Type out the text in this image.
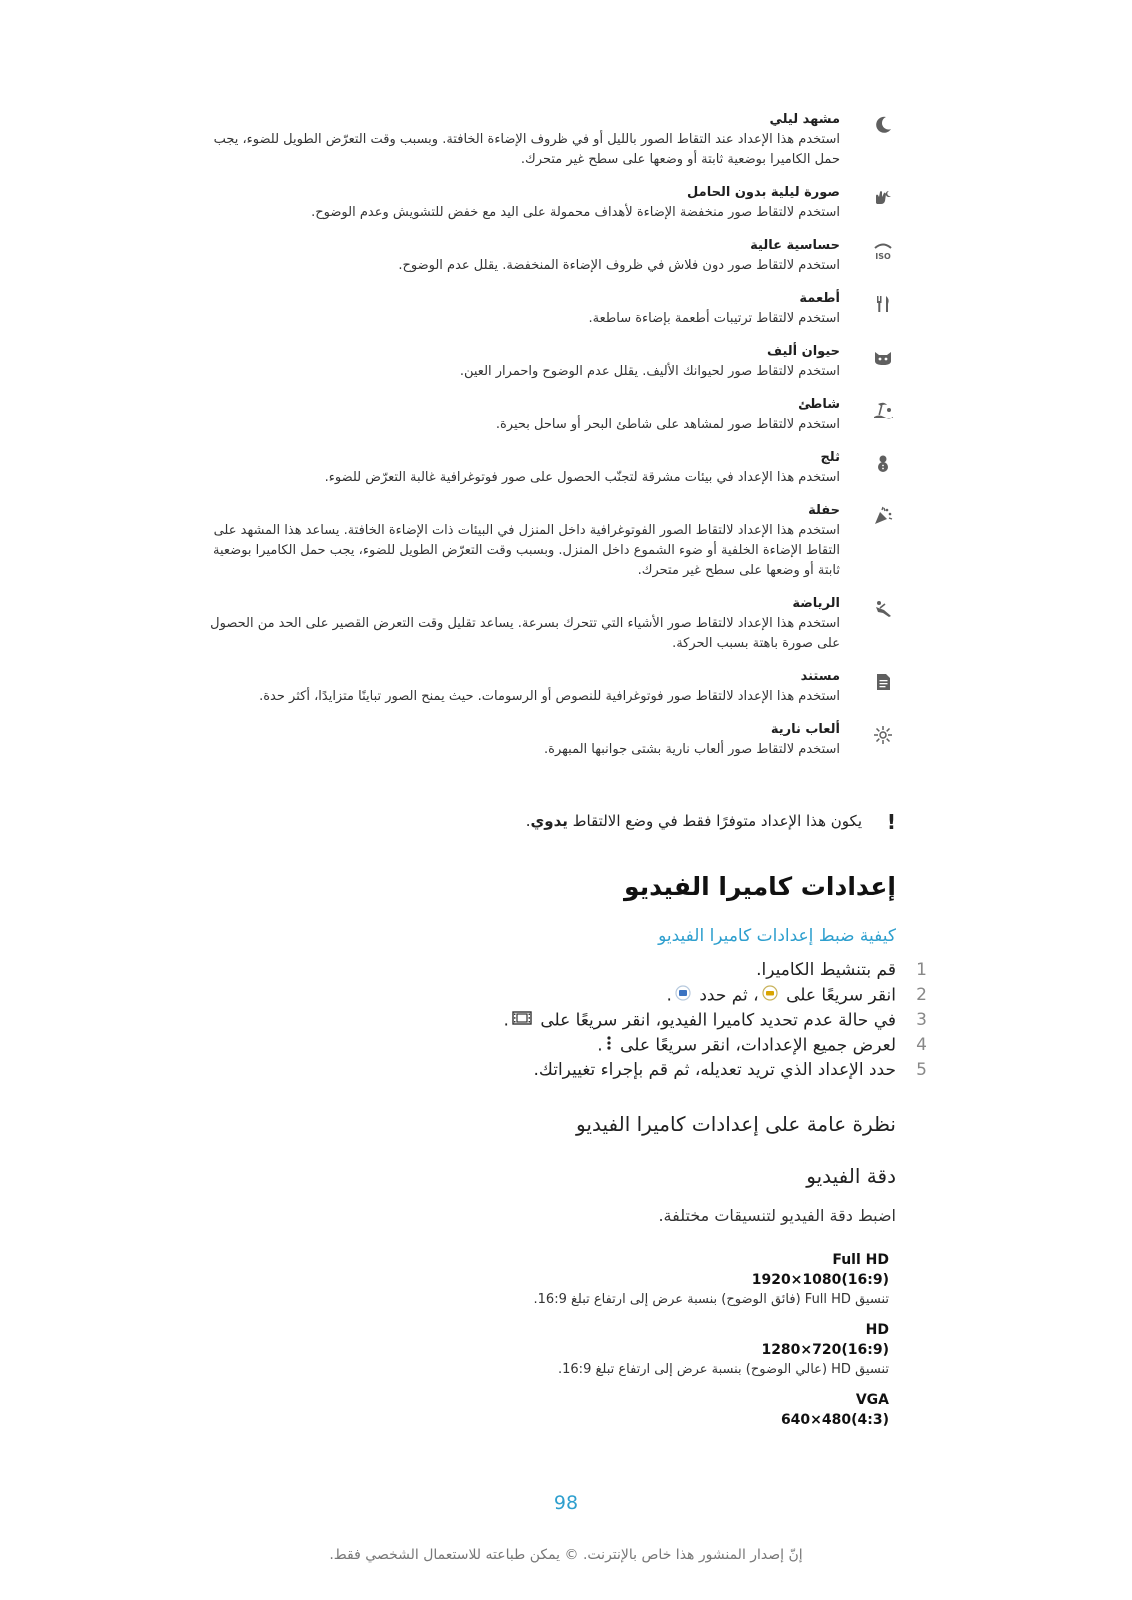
مشهد ليلي
استخدم هذا الإعداد عند التقاط الصور بالليل أو في ظروف الإضاءة الخافتة. وبسبب وقت التعرّض الطويل للضوء، يجب حمل الكاميرا بوضعية ثابتة أو وضعها على سطح غير متحرك.
صورة ليلية بدون الحامل
استخدم لالتقاط صور منخفضة الإضاءة لأهداف محمولة على اليد مع خفض للتشويش وعدم الوضوح.
ISO
حساسية عالية
استخدم لالتقاط صور دون فلاش في ظروف الإضاءة المنخفضة. يقلل عدم الوضوح.
أطعمة
استخدم لالتقاط ترتيبات أطعمة بإضاءة ساطعة.
حيوان أليف
استخدم لالتقاط صور لحيوانك الأليف. يقلل عدم الوضوح واحمرار العين.
شاطئ
استخدم لالتقاط صور لمشاهد على شاطئ البحر أو ساحل بحيرة.
ثلج
استخدم هذا الإعداد في بيئات مشرقة لتجنّب الحصول على صور فوتوغرافية غالبة التعرّض للضوء.
حفلة
استخدم هذا الإعداد لالتقاط الصور الفوتوغرافية داخل المنزل في البيئات ذات الإضاءة الخافتة. يساعد هذا المشهد على التقاط الإضاءة الخلفية أو ضوء الشموع داخل المنزل. وبسبب وقت التعرّض الطويل للضوء، يجب حمل الكاميرا بوضعية ثابتة أو وضعها على سطح غير متحرك.
الرياضة
استخدم هذا الإعداد لالتقاط صور الأشياء التي تتحرك بسرعة. يساعد تقليل وقت التعرض القصير على الحد من الحصول على صورة باهتة بسبب الحركة.
مستند
استخدم هذا الإعداد لالتقاط صور فوتوغرافية للنصوص أو الرسومات. حيث يمنح الصور تباينًا متزايدًا، أكثر حدة.
ألعاب نارية
استخدم لالتقاط صور ألعاب نارية بشتى جوانبها المبهرة.
!
يكون هذا الإعداد متوفرًا فقط في وضع الالتقاط يدوي.
إعدادات كاميرا الفيديو
كيفية ضبط إعدادات كاميرا الفيديو
1
قم بتنشيط الكاميرا.
2
انقر سريعًا على ، ثم حدد .
3
في حالة عدم تحديد كاميرا الفيديو، انقر سريعًا على .
4
لعرض جميع الإعدادات، انقر سريعًا على .
5
حدد الإعداد الذي تريد تعديله، ثم قم بإجراء تغييراتك.
نظرة عامة على إعدادات كاميرا الفيديو
دقة الفيديو
اضبط دقة الفيديو لتنسيقات مختلفة.
Full HD
1920×1080(16:9)
تنسيق Full HD (فائق الوضوح) بنسبة عرض إلى ارتفاع تبلغ 16:9.
HD
1280×720(16:9)
تنسيق HD (عالي الوضوح) بنسبة عرض إلى ارتفاع تبلغ 16:9.
VGA
640×480(4:3)
98
إنّ إصدار المنشور هذا خاص بالإنترنت. © يمكن طباعته للاستعمال الشخصي فقط.
